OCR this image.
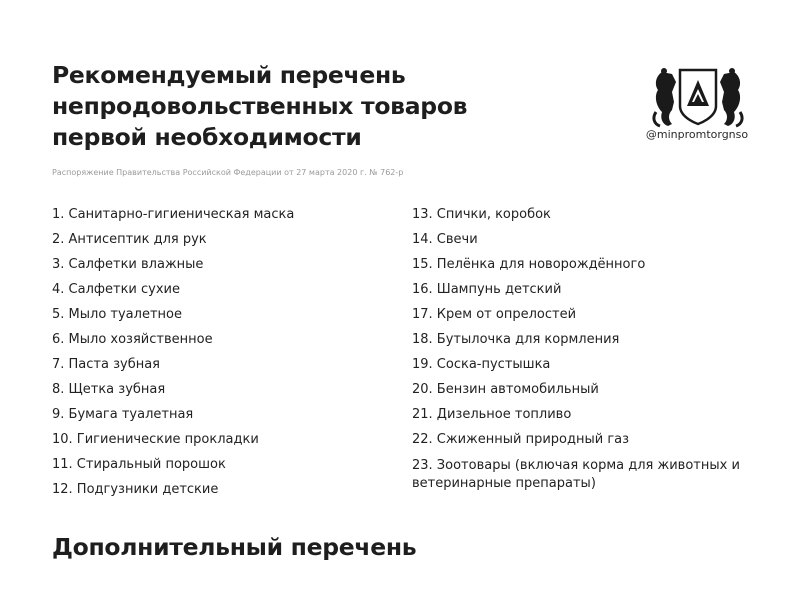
Рекомендуемый перечень
непродовольственных товаров
первой необходимости
Распоряжение Правительства Российской Федерации от 27 марта 2020 г. № 762-р
@minpromtorgnso
1. Санитарно-гигиеническая маска
2. Антисептик для рук
3. Салфетки влажные
4. Салфетки сухие
5. Мыло туалетное
6. Мыло хозяйственное
7. Паста зубная
8. Щетка зубная
9. Бумага туалетная
10. Гигиенические прокладки
11. Стиральный порошок
12. Подгузники детские
13. Спички, коробок
14. Свечи
15. Пелёнка для новорождённого
16. Шампунь детский
17. Крем от опрелостей
18. Бутылочка для кормления
19. Соска-пустышка
20. Бензин автомобильный
21. Дизельное топливо
22. Сжиженный природный газ
23. Зоотовары (включая корма для животных и ветеринарные препараты)
Дополнительный перечень
